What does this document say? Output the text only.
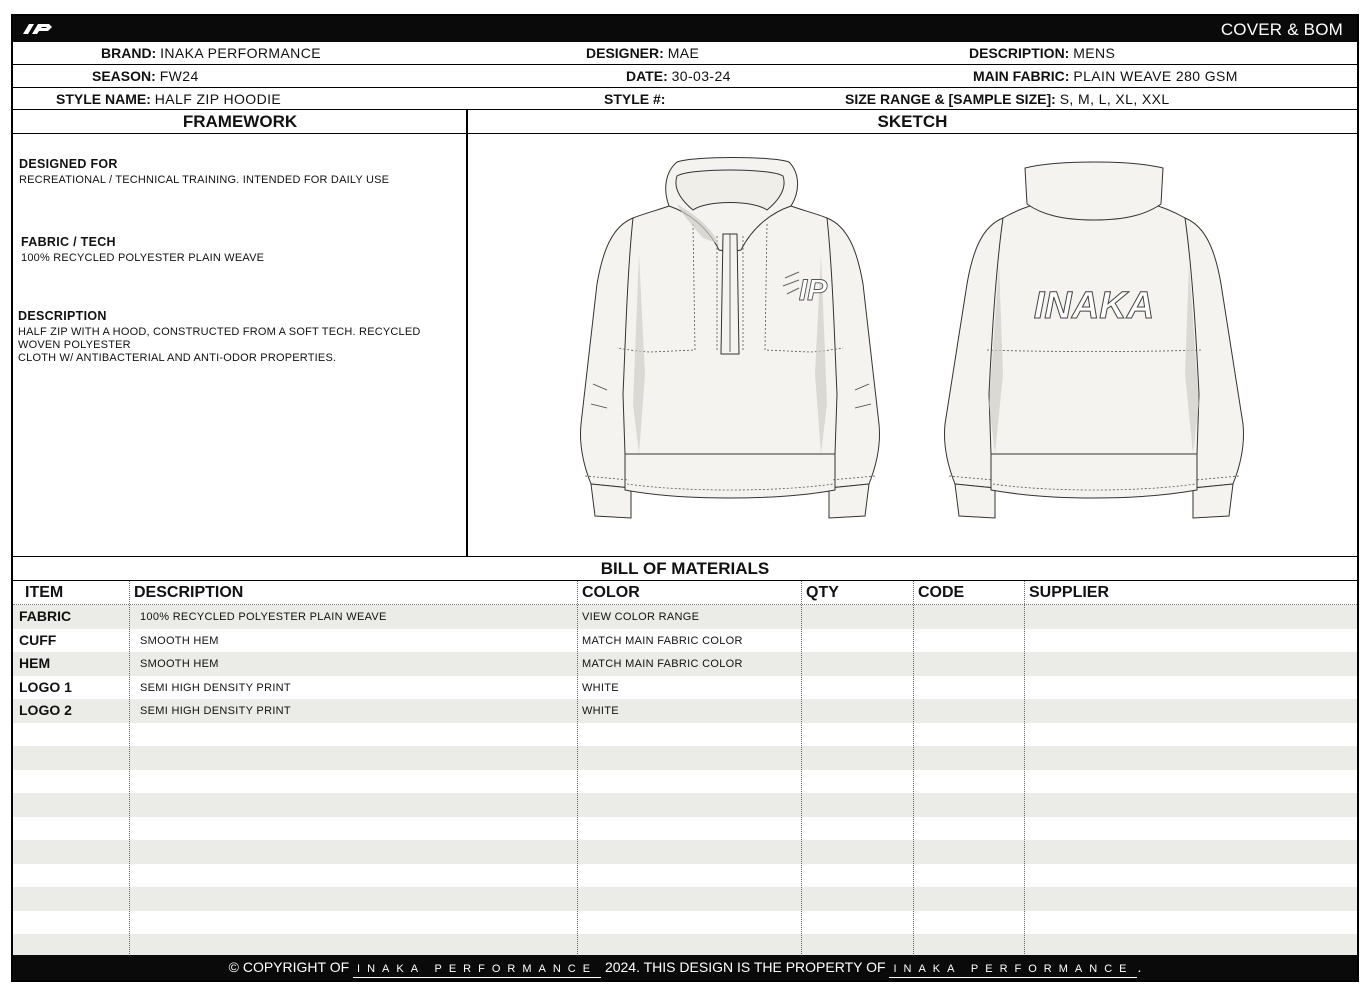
COVER & BOM
BRAND: INAKA PERFORMANCE	DESIGNER: MAE	DESCRIPTION: MENS
SEASON: FW24	DATE: 30-03-24	MAIN FABRIC: PLAIN WEAVE 280 GSM
STYLE NAME: HALF ZIP HOODIE	STYLE #:	SIZE RANGE & [SAMPLE SIZE]: S, M, L, XL, XXL
FRAMEWORK	SKETCH
DESIGNED FOR
RECREATIONAL / TECHNICAL TRAINING. INTENDED FOR DAILY USE
FABRIC / TECH
100% RECYCLED POLYESTER PLAIN WEAVE
DESCRIPTION
HALF ZIP WITH A HOOD, CONSTRUCTED FROM A SOFT TECH. RECYCLED
WOVEN POLYESTER
CLOTH W/ ANTIBACTERIAL AND ANTI-ODOR PROPERTIES.
IP	INAKA
BILL OF MATERIALS
ITEM	DESCRIPTION	COLOR	QTY	CODE	SUPPLIER
FABRIC	100% RECYCLED POLYESTER PLAIN WEAVE	VIEW COLOR RANGE
CUFF	SMOOTH HEM	MATCH MAIN FABRIC COLOR
HEM	SMOOTH HEM	MATCH MAIN FABRIC COLOR
LOGO 1	SEMI HIGH DENSITY PRINT	WHITE
LOGO 2	SEMI HIGH DENSITY PRINT	WHITE
© COPYRIGHT OF INAKA PERFORMANCE 2024. THIS DESIGN IS THE PROPERTY OF INAKA PERFORMANCE .
